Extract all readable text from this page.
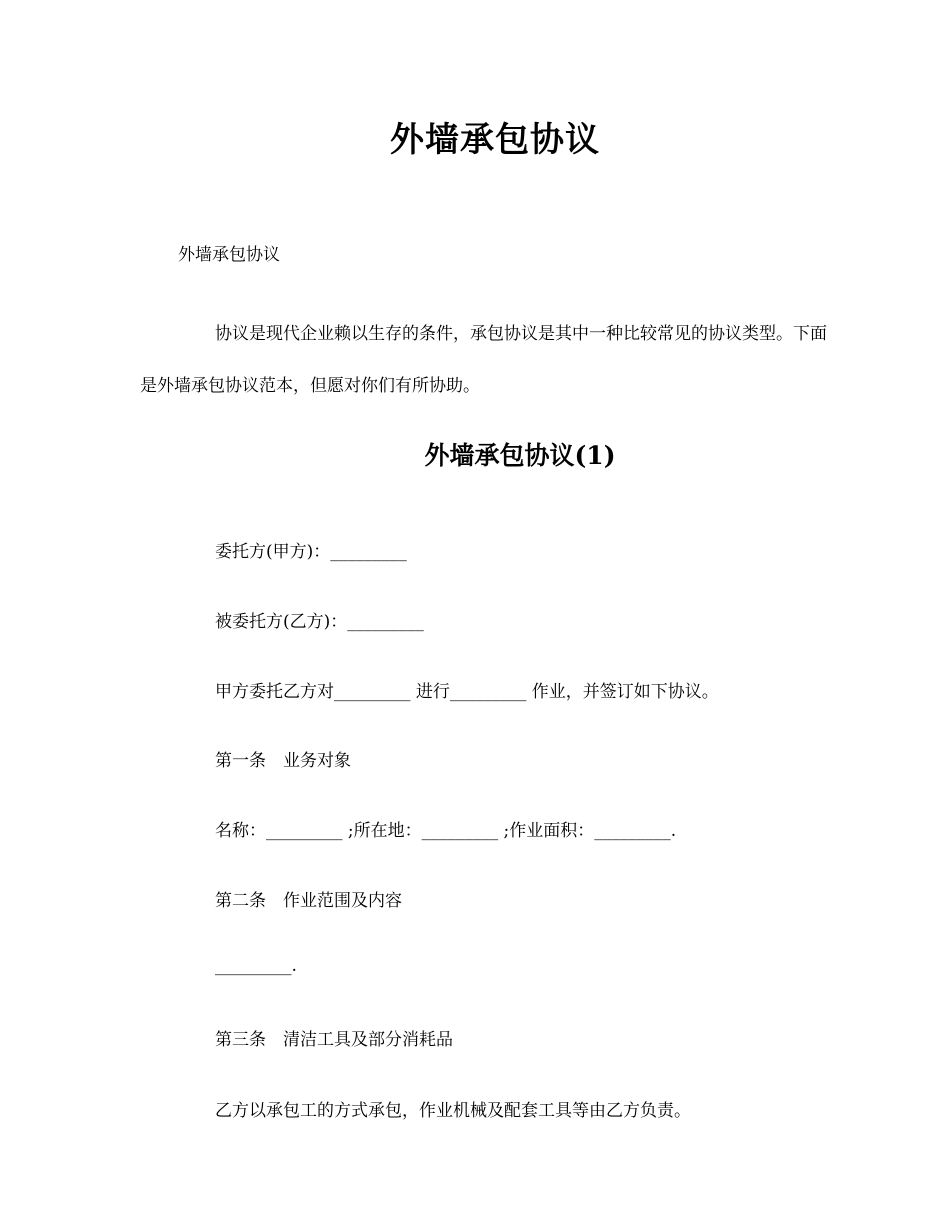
外墙承包协议

外墙承包协议

协议是现代企业赖以生存的条件，承包协议是其中一种比较常见的协议类型。下面是外墙承包协议范本，但愿对你们有所协助。

外墙承包协议(1)

委托方(甲方)：_________

被委托方(乙方)：_________

甲方委托乙方对_________ 进行_________ 作业，并签订如下协议。

第一条　业务对象

名称：_________ ;所在地：_________ ;作业面积：_________.

第二条　作业范围及内容

_________.

第三条　清洁工具及部分消耗品

乙方以承包工的方式承包，作业机械及配套工具等由乙方负责。
